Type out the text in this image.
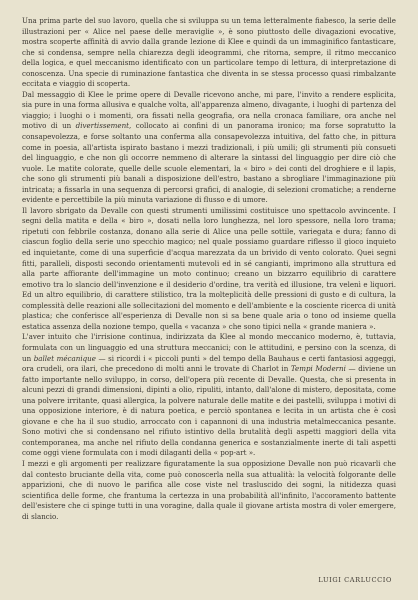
Una prima parte del suo lavoro, quella che si sviluppa su un tema letteralmente fiabesco, la serie delle illustrazioni per « Alice nel paese delle meraviglie », è sono piuttosto delle divagazioni evocative, mostra scoperte affinità di avvio dalla grande lezione di Klee e quindi da un immaginifico fantasticare, che si condensa, sempre nella chiarezza degli ideogrammi, che ritorna, sempre, il ritmo meccanico della logica, e quel meccanismo identificato con un particolare tempo di lettura, di interpretazione di conoscenza. Una specie di ruminazione fantastica che diventa in se stessa processo quasi rimbalzante eccitata e viaggio di scoperta.

Dal messaggio di Klee le prime opere di Devalle ricevono anche, mi pare, l'invito a rendere esplicita, sia pure in una forma allusiva e qualche volta, all'apparenza almeno, divagante, i luoghi di partenza del viaggio; i luoghi o i momenti, ora fissati nella geografia, ora nella cronaca familiare, ora anche nel motivo di un divertissement, collocato ai confini di un panorama ironico; ma forse sopratutto la consapevolezza, e forse soltanto una conferma alla consapevolezza intuitiva, del fatto che, in pittura come in poesia, all'artista ispirato bastano i mezzi tradizionali, i più umili; gli strumenti più consueti del linguaggio, e che non gli occorre nemmeno di alterare la sintassi del linguaggio per dire ciò che vuole. Le matite colorate, quelle delle scuole elementari, la « biro » dei conti del droghiere e il lapis, che sono gli strumenti più banali a disposizione dell'estro, bastano a sbrogliare l'immaginazione più intricata; a fissarla in una sequenza di percorsi grafici, di analogie, di selezioni cromatiche; a renderne evidente e percettibile la più minuta variazione di flusso e di umore.

Il lavoro sbrigato da Devalle con questi strumenti umilissimi costituisce uno spettacolo avvincente. I segni della matita e della « biro », dosati nella loro lunghezza, nel loro spessore, nella loro trama; ripetuti con febbrile costanza, donano alla serie di Alice una pelle sottile, variegata e dura; fanno di ciascun foglio della serie uno specchio magico; nel quale possiamo guardare riflesso il gioco inquieto ed inquietante, come di una superficie d'acqua marezzata da un brivido di vento colorato. Quei segni fitti, paralleli, disposti secondo orientamenti mutevoli ed in sé cangianti, imprimono alla struttura ed alla parte affiorante dell'immagine un moto continuo; creano un bizzarro equilibrio di carattere emotivo tra lo slancio dell'invenzione e il desiderio d'ordine, tra verità ed illusione, tra velenì e liquori. Ed un altro equilibrio, di carattere stilistico, tra la molteplicità delle pressioni di gusto e di cultura, la complessità delle reazioni alle sollecitazioni del momento e dell'ambiente e la cosciente ricerca di unità plastica; che conferisce all'esperienza di Devalle non si sa bene quale aria o tono od insieme quella estatica assenza della nozione tempo, quella « vacanza » che sono tipici nella « grande maniera ».

L'aver intuito che l'irrisione continua, indirizzata da Klee al mondo meccanico moderno, è, tuttavia, formulata con un linguaggio ed una struttura meccanici; con le attitudini, e persino con la scenza, di un ballet mécanique — si ricordi i « piccoli punti » del tempo della Bauhaus e certi fantasiosi aggeggi, ora crudeli, ora ilari, che precedono di molti anni le trovate di Charlot in Tempi Moderni — diviene un fatto importante nello sviluppo, in corso, dell'opera più recente di Devalle. Questa, che si presenta in alcuni pezzi di grandi dimensioni, dipinti a olio, ripuliti, intanto, dall'alone di mistero, depositata, come una polvere irritante, quasi allergica, la polvere naturale delle matite e dei pastelli, sviluppa i motivi di una opposizione interiore, è di natura poetica, e perciò spontanea e lecita in un artista che è così giovane e che ha il suo studio, arroccato con i capannoni di una industria metalmeccanica pesante. Sono motivi che si condensano nel rifiuto istintivo della brutalità degli aspetti maggiori della vita contemporanea, ma anche nel rifiuto della condanna generica e sostanzialmente inerte di tali aspetti come oggi viene formulata con i modi dilaganti della « pop-art ».

I mezzi e gli argomenti per realizzare figuratamente la sua opposizione Devalle non può ricavarli che dal contesto bruciante della vita, come può conoscerla nella sua attualità: la velocità folgorante delle apparizioni, che di nuovo le parifica alle cose viste nel trasluscido dei sogni, la nitidezza quasi scientifica delle forme, che frantuma la certezza in una probabilità all'infinito, l'accoramento battente dell'esistere che ci spinge tutti in una voragine, dalla quale il giovane artista mostra di voler emergere, di slancio.

LUIGI CARLUCCIO
